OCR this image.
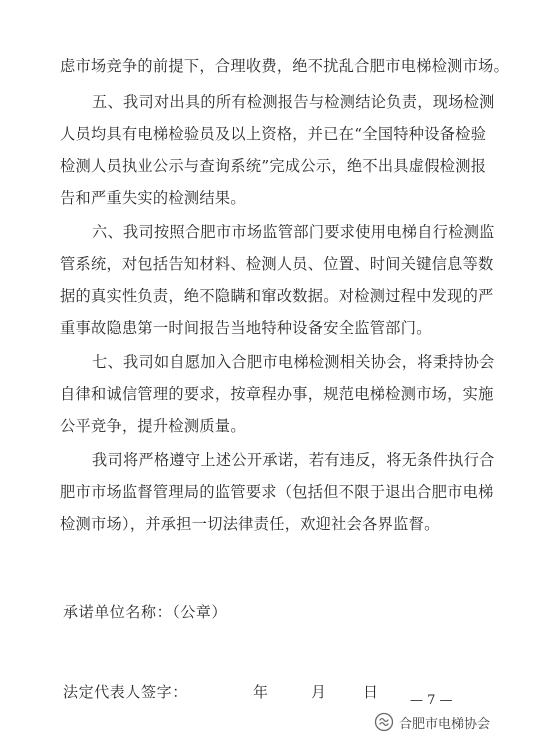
虑市场竞争的前提下，合理收费，绝不扰乱合肥市电梯检测市场。
五、我司对出具的所有检测报告与检测结论负责，现场检测
人员均具有电梯检验员及以上资格，并已在“全国特种设备检验
检测人员执业公示与查询系统”完成公示，绝不出具虚假检测报
告和严重失实的检测结果。
六、我司按照合肥市市场监管部门要求使用电梯自行检测监
管系统，对包括告知材料、检测人员、位置、时间关键信息等数
据的真实性负责，绝不隐瞒和窜改数据。对检测过程中发现的严
重事故隐患第一时间报告当地特种设备安全监管部门。
七、我司如自愿加入合肥市电梯检测相关协会，将秉持协会
自律和诚信管理的要求，按章程办事，规范电梯检测市场，实施
公平竞争，提升检测质量。
我司将严格遵守上述公开承诺，若有违反，将无条件执行合
肥市市场监督管理局的监管要求（包括但不限于退出合肥市电梯
检测市场），并承担一切法律责任，欢迎社会各界监督。
承诺单位名称：（公章）
法定代表人签字：	年	月 日 — 7 —
合肥市电梯协会
